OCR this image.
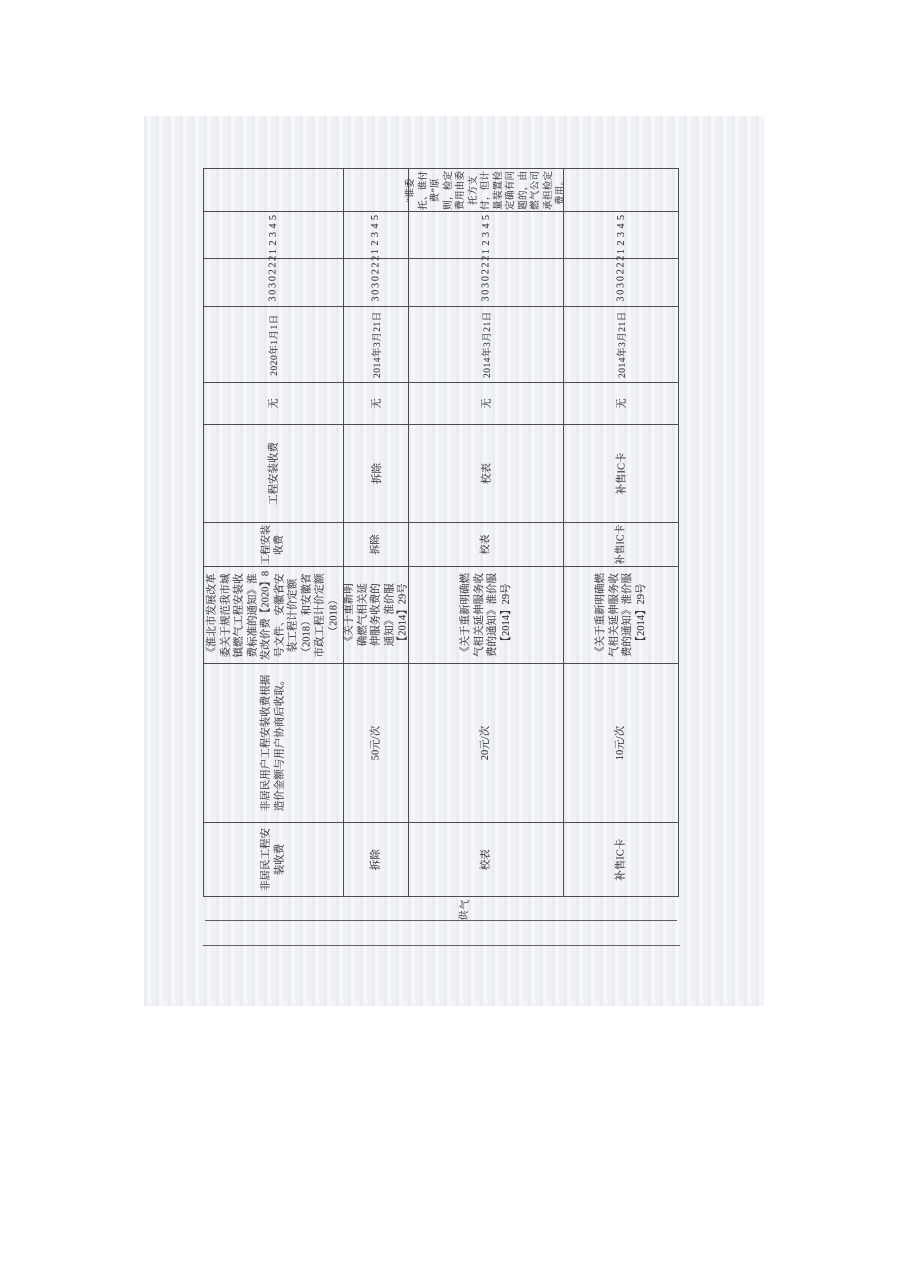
12345
3030222
2020年1月1日
无
工程安装收费
工程安装收费
《淮北市发展改革委关于规范我市城镇燃气工程安装收费标准的通知》淮发改价费【2020】8号文件、安徽省安装工程计价定额（2018）和安徽省市政工程计价定额（2018）
非居民用户工程安装收费根据造价金额与用户协商后收取。
非居民工程安装收费
12345
3030222
2014年3月21日
无
拆除
拆除
《关于重新明确燃气相关延伸服务收费的通知》淮价服【2014】29号
50元/次
拆除
“谁委托、谁付费”原则，检定费用由委托方支付，但计量装置检定确有问题的，由燃气公司承担检定费用。
12345
3030222
2014年3月21日
无
校表
校表
《关于重新明确燃气相关延伸服务收费的通知》淮价服【2014】29号
20元/次
校表
12345
3030222
2014年3月21日
无
补售IC卡
补售IC卡
《关于重新明确燃气相关延伸服务收费的通知》淮价服【2014】29号
10元/次
补售IC卡
供气
